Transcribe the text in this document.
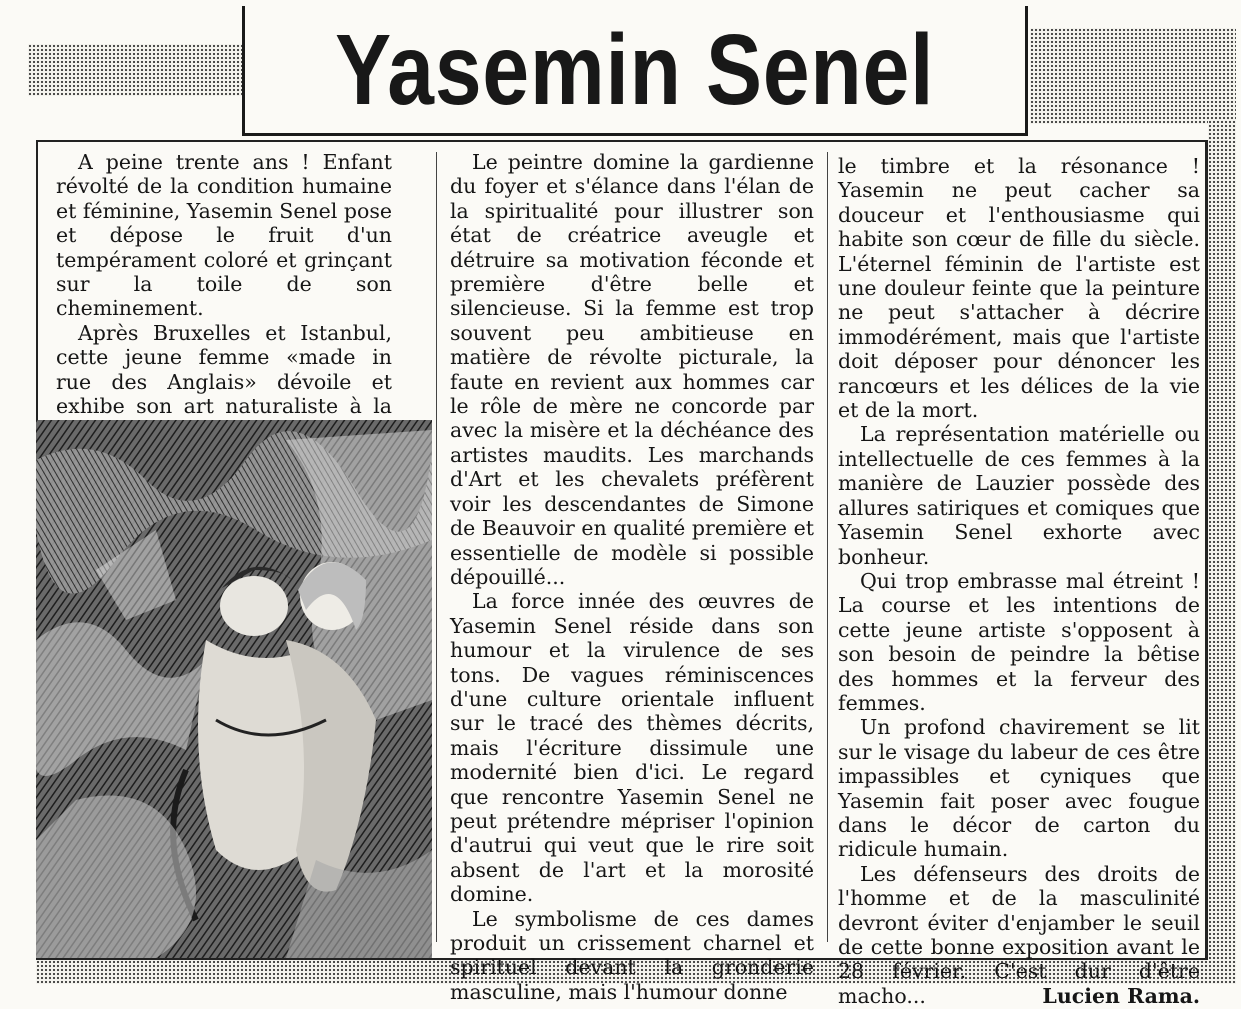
Yasemin Senel

A peine trente ans ! Enfant révolté de la condition humaine et féminine, Yasemin Senel pose et dépose le fruit d'un tempérament coloré et grinçant sur la toile de son cheminement.

Après Bruxelles et Istanbul, cette jeune femme «made in rue des Anglais» dévoile et exhibe son art naturaliste à la

Le peintre domine la gardienne du foyer et s'élance dans l'élan de la spiritualité pour illustrer son état de créatrice aveugle et détruire sa motivation féconde et première d'être belle et silencieuse. Si la femme est trop souvent peu ambitieuse en matière de révolte picturale, la faute en revient aux hommes car le rôle de mère ne concorde par avec la misère et la déchéance des artistes maudits. Les marchands d'Art et les chevalets préfèrent voir les descendantes de Simone de Beauvoir en qualité première et essentielle de modèle si possible dépouillé...

La force innée des œuvres de Yasemin Senel réside dans son humour et la virulence de ses tons. De vagues réminiscences d'une culture orientale influent sur le tracé des thèmes décrits, mais l'écriture dissimule une modernité bien d'ici. Le regard que rencontre Yasemin Senel ne peut prétendre mépriser l'opinion d'autrui qui veut que le rire soit absent de l'art et la morosité domine.

Le symbolisme de ces dames produit un crissement charnel et spirituel devant la gronderie masculine, mais l'humour donne

le timbre et la résonance ! Yasemin ne peut cacher sa douceur et l'enthousiasme qui habite son cœur de fille du siècle. L'éternel féminin de l'artiste est une douleur feinte que la peinture ne peut s'attacher à décrire immodérément, mais que l'artiste doit déposer pour dénoncer les rancœurs et les délices de la vie et de la mort.

La représentation matérielle ou intellectuelle de ces femmes à la manière de Lauzier possède des allures satiriques et comiques que Yasemin Senel exhorte avec bonheur.

Qui trop embrasse mal étreint ! La course et les intentions de cette jeune artiste s'opposent à son besoin de peindre la bêtise des hommes et la ferveur des femmes.

Un profond chavirement se lit sur le visage du labeur de ces être impassibles et cyniques que Yasemin fait poser avec fougue dans le décor de carton du ridicule humain.

Les défenseurs des droits de l'homme et de la masculinité devront éviter d'enjamber le seuil de cette bonne exposition avant le 28 février. C'est dur d'être macho...	Lucien Rama.
